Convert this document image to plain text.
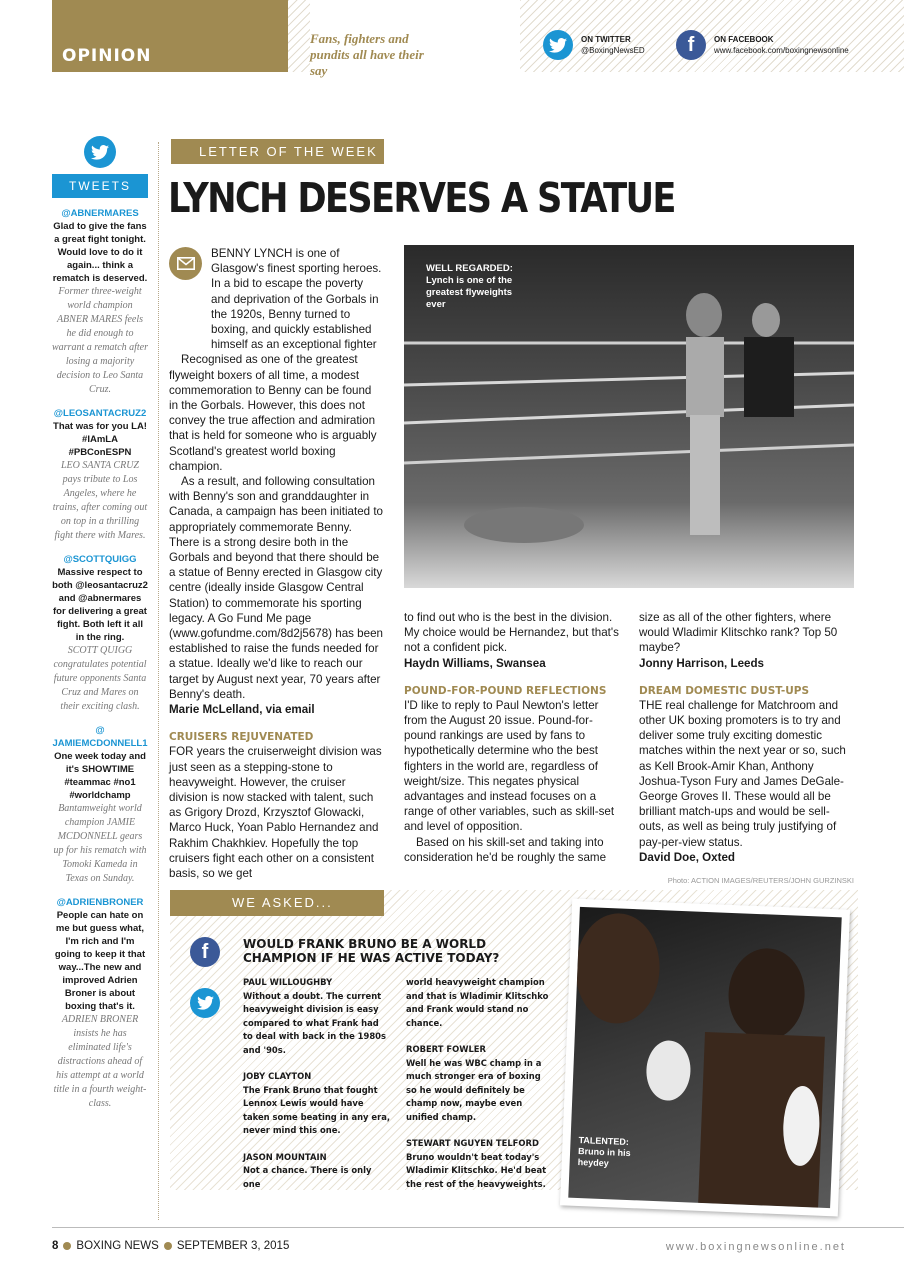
OPINION
Fans, fighters and pundits all have their say
ON TWITTER
@BoxingNewsED	f	ON FACEBOOK
www.facebook.com/boxingnewsonline
TWEETS
@ABNERMARES
Glad to give the fans a great fight tonight. Would love to do it again... think a rematch is deserved.
Former three-weight world champion ABNER MARES feels he did enough to warrant a rematch after losing a majority decision to Leo Santa Cruz.
@LEOSANTACRUZ2
That was for you LA! #IAmLA #PBConESPN
LEO SANTA CRUZ pays tribute to Los Angeles, where he trains, after coming out on top in a thrilling fight there with Mares.
@SCOTTQUIGG
Massive respect to both @leosantacruz2 and @abnermares for delivering a great fight. Both left it all in the ring.
SCOTT QUIGG congratulates potential future opponents Santa Cruz and Mares on their exciting clash.
@ JAMIEMCDONNELL1
One week today and it's SHOWTIME #teammac #no1 #worldchamp
Bantamweight world champion JAMIE MCDONNELL gears up for his rematch with Tomoki Kameda in Texas on Sunday.
@ADRIENBRONER
People can hate on me but guess what, I'm rich and I'm going to keep it that way...The new and improved Adrien Broner is about boxing that's it.
ADRIEN BRONER insists he has eliminated life's distractions ahead of his attempt at a world title in a fourth weight-class.
LETTER OF THE WEEK
LYNCH DESERVES A STATUE

BENNY LYNCH is one of Glasgow's finest sporting heroes. In a bid to escape the poverty and deprivation of the Gorbals in the 1920s, Benny turned to boxing, and quickly established himself as an exceptional fighter

Recognised as one of the greatest flyweight boxers of all time, a modest commemoration to Benny can be found in the Gorbals. However, this does not convey the true affection and admiration that is held for someone who is arguably Scotland's greatest world boxing champion.

As a result, and following consultation with Benny's son and granddaughter in Canada, a campaign has been initiated to appropriately commemorate Benny. There is a strong desire both in the Gorbals and beyond that there should be a statue of Benny erected in Glasgow city centre (ideally inside Glasgow Central Station) to commemorate his sporting legacy. A Go Fund Me page (www.gofundme.com/8d2j5678) has been established to raise the funds needed for a statue. Ideally we'd like to reach our target by August next year, 70 years after Benny's death.

Marie McLelland, via email
CRUISERS REJUVENATED

FOR years the cruiserweight division was just seen as a stepping-stone to heavyweight. However, the cruiser division is now stacked with talent, such as Grigory Drozd, Krzysztof Glowacki, Marco Huck, Yoan Pablo Hernandez and Rakhim Chakhkiev. Hopefully the top cruisers fight each other on a consistent basis, so we get

WELL REGARDED:
Lynch is one of the greatest flyweights ever

to find out who is the best in the division. My choice would be Hernandez, but that's not a confident pick.

Haydn Williams, Swansea
POUND-FOR-POUND REFLECTIONS

I'D like to reply to Paul Newton's letter from the August 20 issue. Pound-for-pound rankings are used by fans to hypothetically determine who the best fighters in the world are, regardless of weight/size. This negates physical advantages and instead focuses on a range of other variables, such as skill-set and level of opposition.

Based on his skill-set and taking into consideration he'd be roughly the same

size as all of the other fighters, where would Wladimir Klitschko rank? Top 50 maybe?

Jonny Harrison, Leeds
DREAM DOMESTIC DUST-UPS

THE real challenge for Matchroom and other UK boxing promoters is to try and deliver some truly exciting domestic matches within the next year or so, such as Kell Brook-Amir Khan, Anthony Joshua-Tyson Fury and James DeGale-George Groves II. These would all be brilliant match-ups and would be sell-outs, as well as being truly justifying of pay-per-view status.

David Doe, Oxted
Photo: ACTION IMAGES/REUTERS/JOHN GURZINSKI
WE ASKED...
f	WOULD FRANK BRUNO BE A WORLD CHAMPION IF HE WAS ACTIVE TODAY?
PAUL WILLOUGHBY
Without a doubt. The current heavyweight division is easy compared to what Frank had to deal with back in the 1980s and '90s.
JOBY CLAYTON
The Frank Bruno that fought Lennox Lewis would have taken some beating in any era, never mind this one.
JASON MOUNTAIN
Not a chance. There is only one
world heavyweight champion and that is Wladimir Klitschko and Frank would stand no chance.
ROBERT FOWLER
Well he was WBC champ in a much stronger era of boxing so he would definitely be champ now, maybe even unified champ.
STEWART NGUYEN TELFORD
Bruno wouldn't beat today's Wladimir Klitschko. He'd beat the rest of the heavyweights.
TALENTED:
Bruno in his heydey
8 BOXING NEWS SEPTEMBER 3, 2015	www.boxingnewsonline.net
